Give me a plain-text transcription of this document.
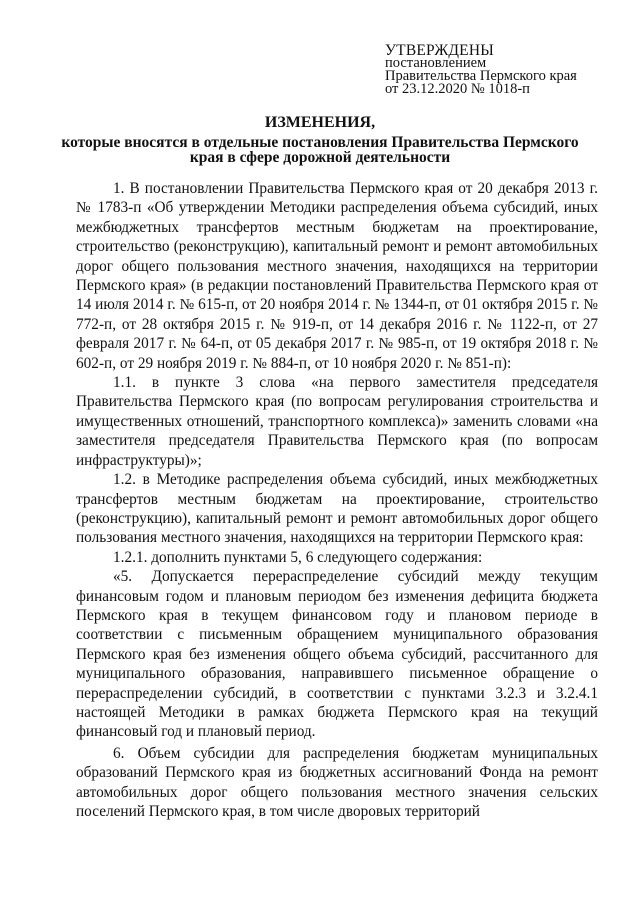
УТВЕРЖДЕНЫ
постановлением
Правительства Пермского края
от 23.12.2020 № 1018-п
ИЗМЕНЕНИЯ,
которые вносятся в отдельные постановления Правительства Пермского края в сфере дорожной деятельности

1. В постановлении Правительства Пермского края от 20 декабря 2013 г. № 1783-п «Об утверждении Методики распределения объема субсидий, иных межбюджетных трансфертов местным бюджетам на проектирование, строительство (реконструкцию), капитальный ремонт и ремонт автомобильных дорог общего пользования местного значения, находящихся на территории Пермского края» (в редакции постановлений Правительства Пермского края от 14 июля 2014 г. № 615-п, от 20 ноября 2014 г. № 1344-п, от 01 октября 2015 г. № 772-п, от 28 октября 2015 г. № 919-п, от 14 декабря 2016 г. № 1122-п, от 27 февраля 2017 г. № 64-п, от 05 декабря 2017 г. № 985-п, от 19 октября 2018 г. № 602-п, от 29 ноября 2019 г. № 884-п, от 10 ноября 2020 г. № 851-п):

1.1. в пункте 3 слова «на первого заместителя председателя Правительства Пермского края (по вопросам регулирования строительства и имущественных отношений, транспортного комплекса)» заменить словами «на заместителя председателя Правительства Пермского края (по вопросам инфраструктуры)»;

1.2. в Методике распределения объема субсидий, иных межбюджетных трансфертов местным бюджетам на проектирование, строительство (реконструкцию), капитальный ремонт и ремонт автомобильных дорог общего пользования местного значения, находящихся на территории Пермского края:

1.2.1. дополнить пунктами 5, 6 следующего содержания:

«5. Допускается перераспределение субсидий между текущим финансовым годом и плановым периодом без изменения дефицита бюджета Пермского края в текущем финансовом году и плановом периоде в соответствии с письменным обращением муниципального образования Пермского края без изменения общего объема субсидий, рассчитанного для муниципального образования, направившего письменное обращение о перераспределении субсидий, в соответствии с пунктами 3.2.3 и 3.2.4.1 настоящей Методики в рамках бюджета Пермского края на текущий финансовый год и плановый период.

6. Объем субсидии для распределения бюджетам муниципальных образований Пермского края из бюджетных ассигнований Фонда на ремонт автомобильных дорог общего пользования местного значения сельских поселений Пермского края, в том числе дворовых территорий
